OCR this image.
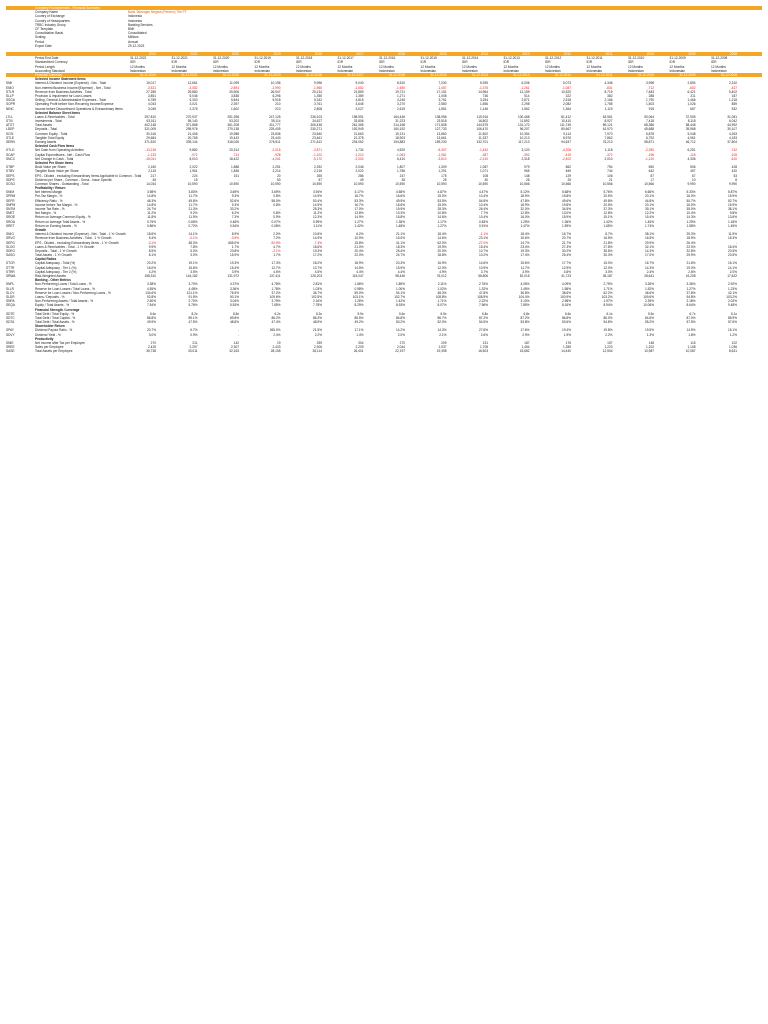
Company Fundamentals - Financial Summary
Company Name	Bank Tabungan Negara (Persero) Tbk PT
Country of Exchange	Indonesia
Country of Headquarters	Indonesia
TRBC Industry Group	Banking Services
CF Template	BNK
Consolidation Basis	Consolidated
Scaling	Millions
Period	Annual
Export Date	29-12-2023
2022	2021	2020	2019	2018	2017	2016	2015	2014	2013	2012	2011	2010	2009	2008
Period End Date	31-12-2022	31-12-2021	31-12-2020	31-12-2019	31-12-2018	31-12-2017	31-12-2016	31-12-2015	31-12-2014	31-12-2013	31-12-2012	31-12-2011	31-12-2010	31-12-2009	31-12-2008
Standardized Currency	IDR	IDR	IDR	IDR	IDR	IDR	IDR	IDR	IDR	IDR	IDR	IDR	IDR	IDR	IDR
Period Length	12 Months	12 Months	12 Months	12 Months	12 Months	12 Months	12 Months	12 Months	12 Months	12 Months	12 Months	12 Months	12 Months	12 Months	12 Months
Accounting Standard	Indonesian	Indonesian	Indonesian	Indonesian	Indonesian	Indonesian	Indonesian	Indonesian	Indonesian	Indonesian	Indonesian	Indonesian	Indonesian	Indonesian	Indonesian
Financial Summary	31-12-2022	31-12-2021	31-12-2020	31-12-2019	31-12-2018	31-12-2017	31-12-2016	31-12-2015	31-12-2014	31-12-2013	31-12-2012	31-12-2011	31-12-2010	31-12-2009	31-12-2008
Selected Income Statement Items
SNII	Interest & Dividend Income (Expense) - Net - Total	15,017	12,661	11,099	10,196	9,996	9,040	8,510	7,030	5,939	6,006	5,073	4,346	3,998	2,894	2,310
ENIO	Non-Interest Business Income/(Expense) - Net - Total	-3,521	-3,082	-2,891	-1,990	-1,960	-1,652	-1,690	-1,457	-1,376	-1,261	-1,087	-831	-712	-602	-437
STLR	Revenue from Business Activities - Total	27,285	25,880	25,906	26,947	25,134	21,869	19,721	17,151	14,964	12,159	10,520	8,719	7,483	6,421	5,402
SLLP	Provision & Impairment for Loan Losses	3,851	5,046	3,838	6,296	1,355	1,389	1,271	1,008	736	514	322	382	288	211	187
SSGA	Selling, General & Administrative Expenses - Total	6,789	6,303	5,844	5,918	5,342	4,815	4,245	3,761	3,254	2,871	2,518	2,166	1,790	1,466	1,218
SOPR	Operating Profit before Non-Recurring Income/Expense	4,043	3,021	2,397	210	3,761	3,645	3,270	2,580	1,556	2,298	2,082	1,785	1,503	1,026	859
NINC	Income before Discontinued Operations & Extraordinary Items	3,045	2,376	1,602	210	2,808	3,027	2,619	1,851	1,146	1,562	1,364	1,119	915	667	532
Selected Balance Sheet Items
LTLL	Loans & Receivables - Total	297,810	270,937	251,398	247,125	236,103	198,991	164,446	138,956	115,916	100,468	81,412	63,961	50,064	37,905	31,081
STIV	Investments - Total	63,011	55,140	53,202	39,114	34,627	33,806	31,223	23,518	16,802	11,892	10,410	8,927	7,418	8,118	6,042
ATOT	Total Assets	402,148	371,868	361,208	311,777	306,436	261,365	214,168	171,808	144,575	131,170	111,749	89,121	68,386	58,448	44,992
LDEP	Deposits - Total	321,009	295,976	279,138	225,405	230,271	192,949	160,192	127,733	106,470	96,207	80,667	61,970	45,688	39,968	30,107
SCSI	Common Equity - Total	30,316	21,406	19,988	23,836	23,840	21,663	19,131	13,860	11,502	10,354	9,114	7,970	6,878	5,048	4,263
STLE	Tangible Total Equity	29,684	20,765	19,443	23,440	23,461	21,378	18,903	13,661	11,337	10,213	8,976	7,862	6,792	4,961	4,183
SERN	Earning Assets	371,520	339,144	318,026	276,911	271,612	234,052	194,883	159,230	132,701	117,213	94,637	76,213	58,871	46,712	37,804
Selected Cash Flow Items
STLO	Net Cash from Operating Activities	-13,218	9,882	20,314	-2,015	-2,871	1,734	4,520	-5,307	-1,442	3,120	-4,208	1,118	-2,390	6,251	-742
SCAP	Capital Expenditures - Net - Cash Flow	-1,133	-972	-714	-928	-1,102	-1,210	-1,063	-1,081	-387	-392	-419	-372	-196	-118	-105
SNCC	Net Change in Cash - Total	-15,041	8,010	18,422	-4,261	-5,170	-2,004	6,410	-3,610	-2,210	2,318	-2,402	2,010	-1,120	4,306	-610
Selected Per Share Items
STBP	Book Value per Share	2,160	2,022	1,888	2,251	2,252	2,046	1,807	1,309	1,087	979	862	754	650	506	428
STBV	Tangible Book Value per Share	2,115	1,961	1,836	2,214	2,216	2,020	1,786	1,291	1,071	965	849	744	642	497	420
SEPS	EPS - Diluted - excluding Extraordinary Items Applicable to Common - Total	217	224	151	20	265	286	247	175	108	148	129	106	87	67	53
SDPS	Dividend per Share - Common - Gross - Issue Specific	45	15	-	53	57	49	35	25	30	26	25	21	17	10	8
SCSO	Common Shares - Outstanding - Total	14,034	10,590	10,590	10,590	10,590	10,590	10,590	10,590	10,590	10,566	10,566	10,566	10,566	9,990	9,990
Profitability / Return
SNIM	Net Interest Margin	3.98%	3.83%	3.69%	3.69%	3.94%	4.17%	4.58%	4.87%	4.47%	5.12%	5.68%	5.76%	6.66%	5.33%	5.87%
SPRM	Pre-Tax Margin - %	14.8%	11.7%	9.3%	0.8%	14.9%	16.7%	16.6%	15.0%	10.4%	18.9%	19.8%	20.5%	20.1%	16.0%	15.9%
SEFR	Efficiency Ratio - %	46.3%	49.8%	52.6%	58.0%	53.4%	53.3%	49.9%	53.5%	54.8%	47.8%	49.6%	49.8%	44.8%	50.7%	52.7%
SNPM	Income before Tax Margin - %	14.8%	11.7%	9.3%	0.8%	14.9%	16.7%	16.6%	15.0%	10.4%	18.9%	19.8%	20.5%	20.1%	16.0%	15.9%
SNTM	Income Tax Rate - %	24.7%	21.3%	33.2%	-	25.3%	17.0%	19.9%	28.3%	26.4%	32.0%	34.5%	37.3%	39.1%	35.0%	38.1%
SNET	Net Margin - %	11.2%	9.2%	6.2%	0.8%	11.2%	13.8%	13.3%	10.8%	7.7%	12.8%	13.0%	12.8%	12.2%	10.4%	9.8%
SROE	Return on Average Common Equity - %	11.8%	11.5%	7.3%	0.9%	12.3%	14.9%	15.8%	14.6%	10.4%	16.0%	15.9%	15.1%	15.4%	14.3%	13.6%
SROA	Return on Average Total Assets - %	0.79%	0.65%	0.48%	0.07%	0.99%	1.27%	1.35%	1.17%	0.83%	1.29%	1.36%	1.42%	1.45%	1.29%	1.18%
SRET	Return on Earning Assets - %	0.86%	0.72%	0.54%	0.08%	1.11%	1.42%	1.48%	1.27%	0.91%	1.47%	1.59%	1.65%	1.74%	1.58%	1.45%
Growth
SNIG	Interest & Dividend Income (Expense) - Net - Total - 1 Yr Growth	18.6%	14.1%	8.9%	2.0%	10.6%	6.2%	21.1%	18.4%	-1.1%	18.4%	16.7%	8.7%	38.1%	25.3%	11.9%
SRVG	Revenue from Business Activities - Total - 1 Yr Growth	5.4%	-0.1%	-3.9%	7.2%	14.9%	10.9%	15.0%	14.6%	23.1%	15.6%	20.7%	16.5%	16.5%	18.9%	15.3%
SEPG	EPS - Diluted - excluding Extraordinary Items - 1 Yr Growth	-3.1%	48.3%	655.0%	-92.5%	-7.3%	15.8%	41.1%	62.0%	-27.0%	14.7%	21.7%	21.8%	29.9%	26.4%	-
SLOG	Loans & Receivables - Total - 1 Yr Growth	9.9%	7.8%	1.7%	4.7%	18.6%	21.0%	18.3%	19.9%	15.4%	23.4%	27.3%	27.8%	32.1%	22.0%	18.4%
SDEG	Deposits - Total - 1 Yr Growth	8.5%	6.0%	23.8%	-2.1%	19.3%	20.4%	25.4%	20.0%	10.7%	19.3%	30.2%	35.6%	14.3%	32.8%	20.5%
SASG	Total Assets - 1 Yr Growth	8.1%	3.0%	15.9%	1.7%	17.2%	22.0%	24.7%	18.8%	10.2%	17.4%	25.4%	30.3%	17.0%	29.9%	23.5%
Capital Ratios
STCR	Capital Adequacy - Total (%)	20.2%	19.1%	19.3%	17.3%	18.2%	18.9%	20.3%	16.9%	14.6%	15.6%	17.7%	15.0%	16.7%	21.6%	16.1%
STTR	Capital Adequacy - Tier 1 (%)	16.0%	15.6%	15.4%	12.7%	13.7%	14.5%	15.9%	12.0%	10.9%	11.7%	12.9%	12.0%	14.3%	19.0%	14.1%
STRR	Capital Adequacy - Tier 2 (%)	4.2%	3.5%	3.9%	4.6%	4.5%	4.4%	4.4%	4.9%	3.7%	3.9%	4.8%	3.0%	2.4%	2.6%	2.0%
SRWA	Risk-Weighted Assets	158,310	144,182	131,972	137,411	126,203	115,047	98,446	76,012	58,806	52,015	41,723	35,187	28,641	16,208	17,622
Banking - Other Metrics
SNPL	Non-Performing Loans / Total Loans - %	3.38%	3.70%	4.37%	4.78%	2.81%	1.66%	1.85%	2.11%	2.76%	4.05%	4.09%	2.75%	3.26%	3.36%	2.92%
SLLR	Reserve for Loan Losses / Total Loans - %	4.55%	4.48%	3.36%	1.78%	1.03%	0.98%	1.00%	1.02%	1.32%	1.49%	1.58%	1.71%	1.52%	1.27%	1.23%
SLCV	Reserve for Loan Losses / Non-Performing Loans - %	134.6%	121.1%	76.9%	37.2%	36.7%	59.0%	54.1%	48.3%	47.8%	36.8%	38.6%	62.2%	46.6%	37.8%	42.1%
SLDR	Loans / Deposits - %	92.8%	91.5%	90.1%	109.6%	102.5%	103.1%	102.7%	108.8%	108.9%	104.4%	100.9%	103.2%	109.6%	94.8%	103.2%
SNPA	Non-Performing Assets / Total Assets - %	2.50%	2.70%	3.04%	3.79%	2.16%	1.26%	1.42%	1.71%	2.22%	3.10%	2.98%	1.97%	2.39%	2.18%	2.02%
SEQA	Equity / Total Assets - %	7.54%	5.76%	5.53%	7.65%	7.78%	8.29%	8.93%	8.07%	7.96%	7.89%	8.16%	8.94%	10.06%	8.64%	9.48%
Financial Strength / Leverage
SDTE	Total Debt / Total Equity - %	6.6x	8.2x	8.8x	6.2x	6.3x	5.9x	5.6x	6.5x	6.8x	6.8x	6.6x	6.1x	5.5x	6.7x	6.1x
SDTC	Total Debt / Total Capital - %	86.8%	89.1%	89.8%	86.2%	86.3%	85.5%	84.8%	86.7%	87.2%	87.2%	86.8%	86.0%	84.6%	87.0%	85.9%
SDTA	Total Debt / Total Assets - %	49.9%	47.5%	48.8%	47.4%	48.9%	49.2%	50.2%	52.0%	54.5%	53.8%	53.6%	54.8%	55.2%	57.5%	57.6%
Shareholder Return
SPAY	Dividend Payout Ratio - %	20.7%	6.7%	-	265.0%	21.5%	17.1%	14.2%	14.3%	27.8%	17.6%	19.4%	19.8%	19.5%	14.9%	15.1%
SDVY	Dividend Yield - %	3.0%	0.9%	-	2.4%	2.2%	1.4%	2.0%	2.1%	2.6%	2.9%	1.9%	2.2%	1.3%	1.8%	1.2%
Productivity
SNIE	Net Income after Tax per Employee	270	211	142	19	259	304	270	209	131	187	176	157	148	115	102
SREE	Sales per Employee	2,425	2,297	2,307	2,433	2,306	2,209	2,044	1,937	1,708	1,454	1,359	1,223	1,202	1,108	1,036
SASE	Total Assets per Employee	35,738	33,011	32,163	28,155	28,114	26,401	22,197	19,398	16,503	15,682	14,440	12,504	10,987	10,087	8,631
